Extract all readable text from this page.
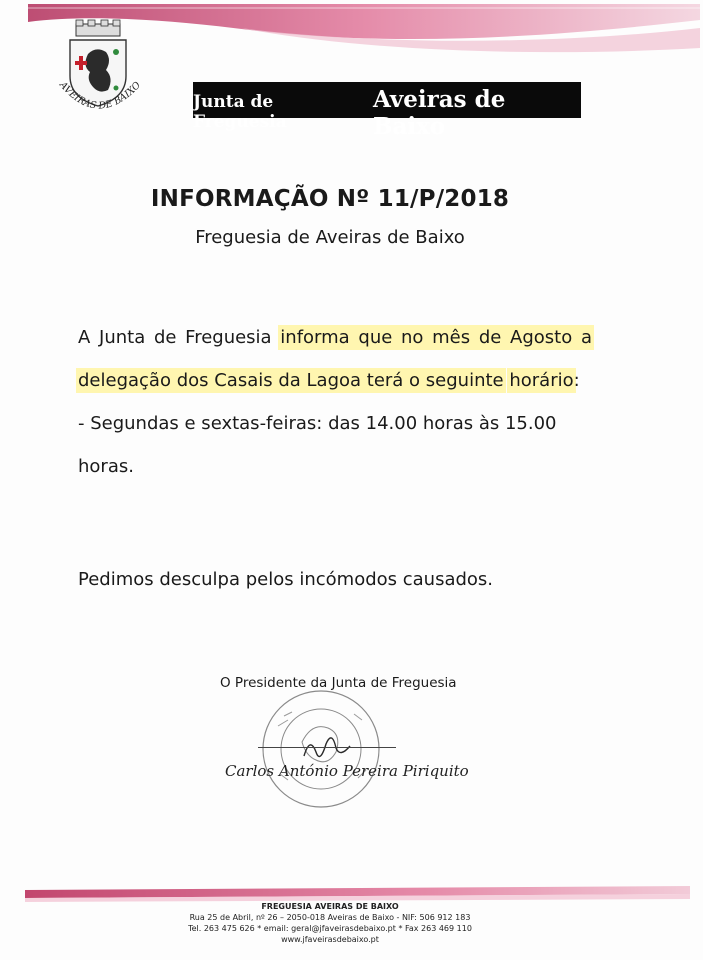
AVEIRAS DE BAIXO
Junta de Freguesia
Aveiras de Baixo
INFORMAÇÃO Nº 11/P/2018
Freguesia de Aveiras de Baixo

A Junta de Freguesia informa que no mês de Agosto a delegação dos Casais da Lagoa terá o seguinte horário:

- Segundas e sextas-feiras: das 14.00 horas às 15.00 horas.

Pedimos desculpa pelos incómodos causados.
O Presidente da Junta de Freguesia
Carlos António Pereira Piriquito
FREGUESIA AVEIRAS DE BAIXO
Rua 25 de Abril, nº 26 – 2050-018 Aveiras de Baixo - NIF: 506 912 183
Tel. 263 475 626 * email: geral@jfaveirasdebaixo.pt * Fax 263 469 110
www.jfaveirasdebaixo.pt
